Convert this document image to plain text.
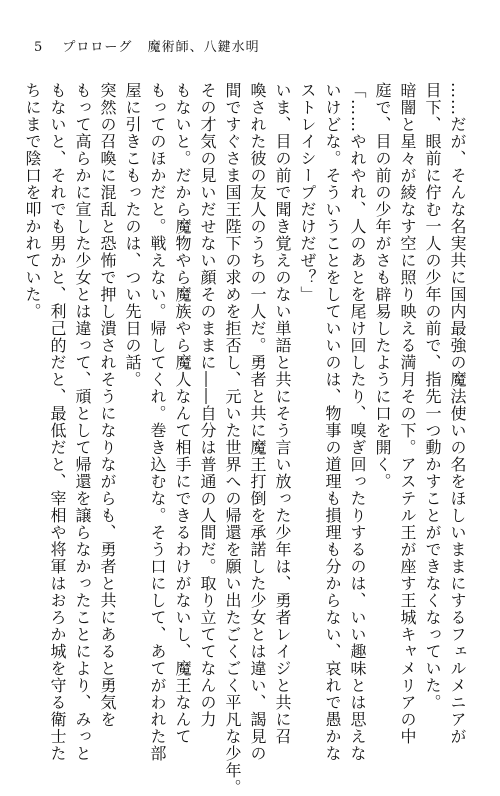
5 プロローグ 魔術師、八鍵水明
……だが、そんな名実共に国内最強の魔法使いの名をほしいままにするフェルメニアが
目下、眼前に佇む一人の少年の前で、指先一つ動かすことができなくなっていた。
暗闇と星々が綾なす空に照り映える満月その下。アステル王が座す王城キャメリアの中
庭で、目の前の少年がさも辟易したように口を開く。
「……やれやれ、人のあとを尾け回したり、嗅ぎ回ったりするのは、いい趣味とは思えな
いけどな。そういうことをしていいのは、物事の道理も損理も分からない、哀れで愚かな
ストレイシープだけだぜ？」
いま、目の前で聞き覚えのない単語と共にそう言い放った少年は、勇者レイジと共に召
喚された彼の友人のうちの一人だ。勇者と共に魔王打倒を承諾した少女とは違い、謁見の
間ですぐさま国王陛下の求めを拒否し、元いた世界への帰還を願い出たごくごく平凡な少年。
その才気の見いだせない顔そのままに――自分は普通の人間だ。取り立ててなんの力
もないと。だから魔物やら魔族やら魔人なんて相手にできるわけがないし、魔王なんて
もってのほかだと。戦えない。帰してくれ。巻き込むな。そう口にして、あてがわれた部
屋に引きこもったのは、つい先日の話。
突然の召喚に混乱と恐怖で押し潰されそうになりながらも、勇者と共にあると勇気を
もって高らかに宣した少女とは違って、頑として帰還を譲らなかったことにより、みっと
もないと、それでも男かと、利己的だと、最低だと、宰相や将軍はおろか城を守る衛士た
ちにまで陰口を叩かれていた。
